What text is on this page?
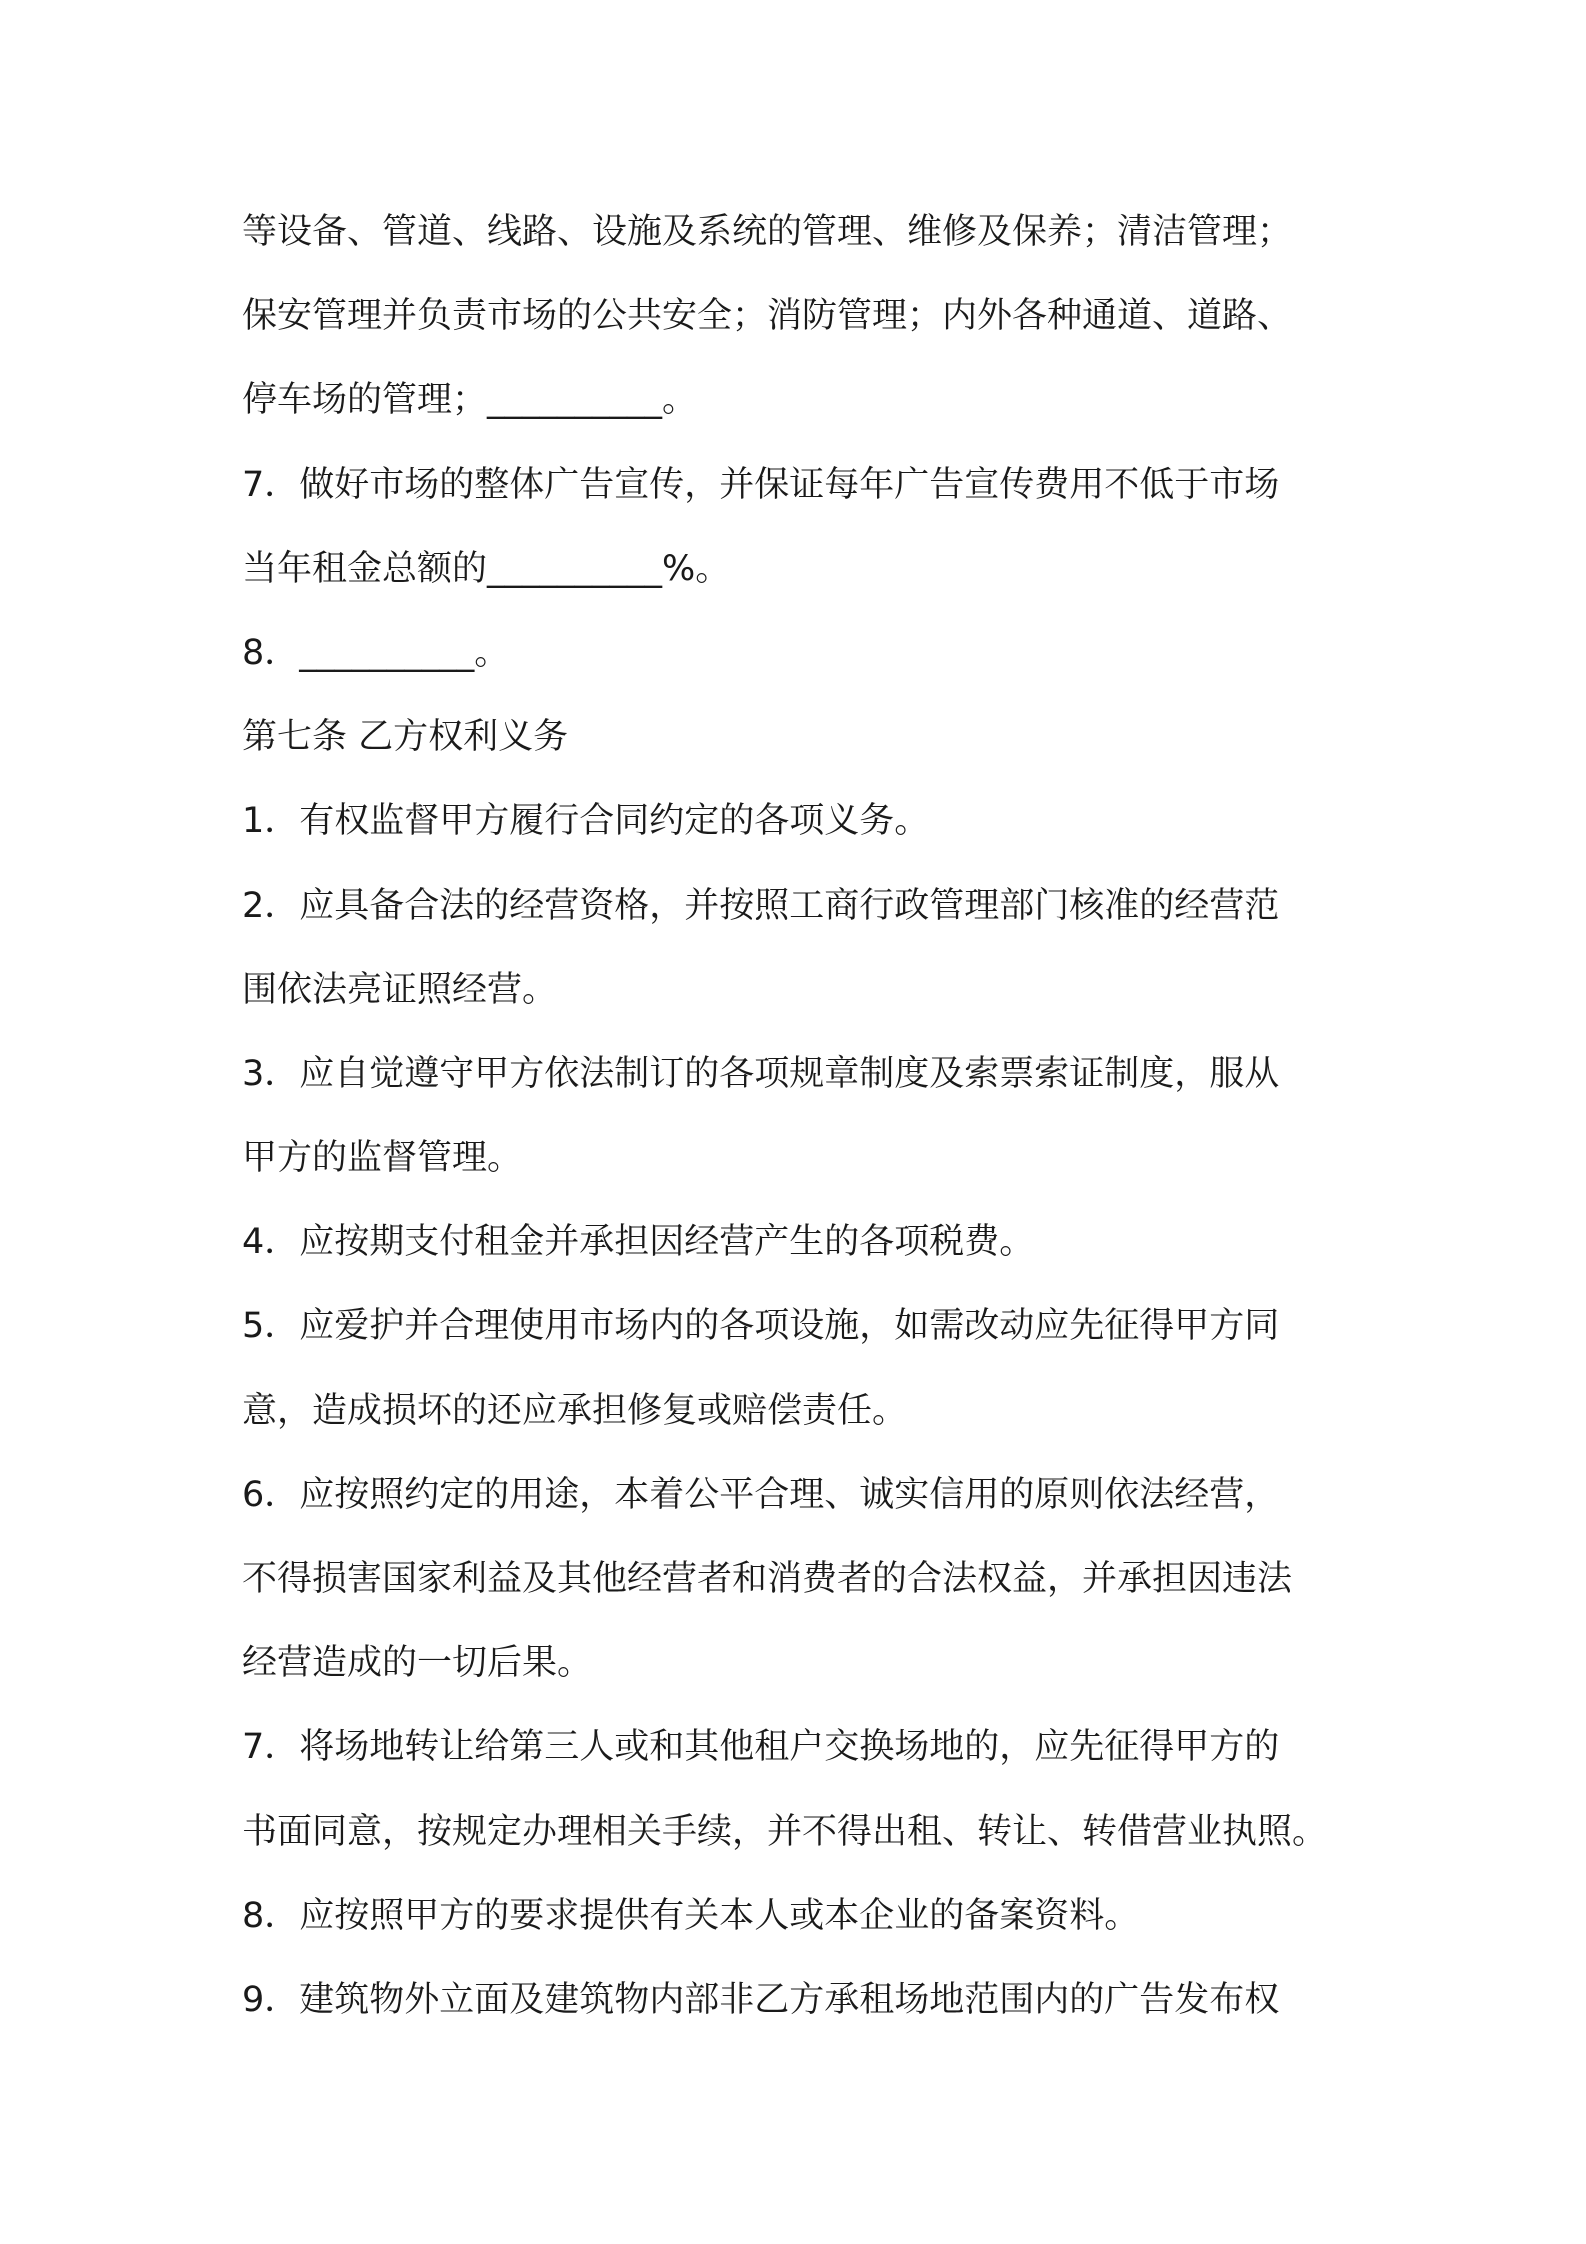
等设备、管道、线路、设施及系统的管理、维修及保养；清洁管理；
保安管理并负责市场的公共安全；消防管理；内外各种通道、道路、
停车场的管理；__________。
7．做好市场的整体广告宣传，并保证每年广告宣传费用不低于市场
当年租金总额的__________%。
8．__________。
第七条 乙方权利义务
1．有权监督甲方履行合同约定的各项义务。
2．应具备合法的经营资格，并按照工商行政管理部门核准的经营范
围依法亮证照经营。
3．应自觉遵守甲方依法制订的各项规章制度及索票索证制度，服从
甲方的监督管理。
4．应按期支付租金并承担因经营产生的各项税费。
5．应爱护并合理使用市场内的各项设施，如需改动应先征得甲方同
意，造成损坏的还应承担修复或赔偿责任。
6．应按照约定的用途，本着公平合理、诚实信用的原则依法经营，
不得损害国家利益及其他经营者和消费者的合法权益，并承担因违法
经营造成的一切后果。
7．将场地转让给第三人或和其他租户交换场地的，应先征得甲方的
书面同意，按规定办理相关手续，并不得出租、转让、转借营业执照。
8．应按照甲方的要求提供有关本人或本企业的备案资料。
9．建筑物外立面及建筑物内部非乙方承租场地范围内的广告发布权
